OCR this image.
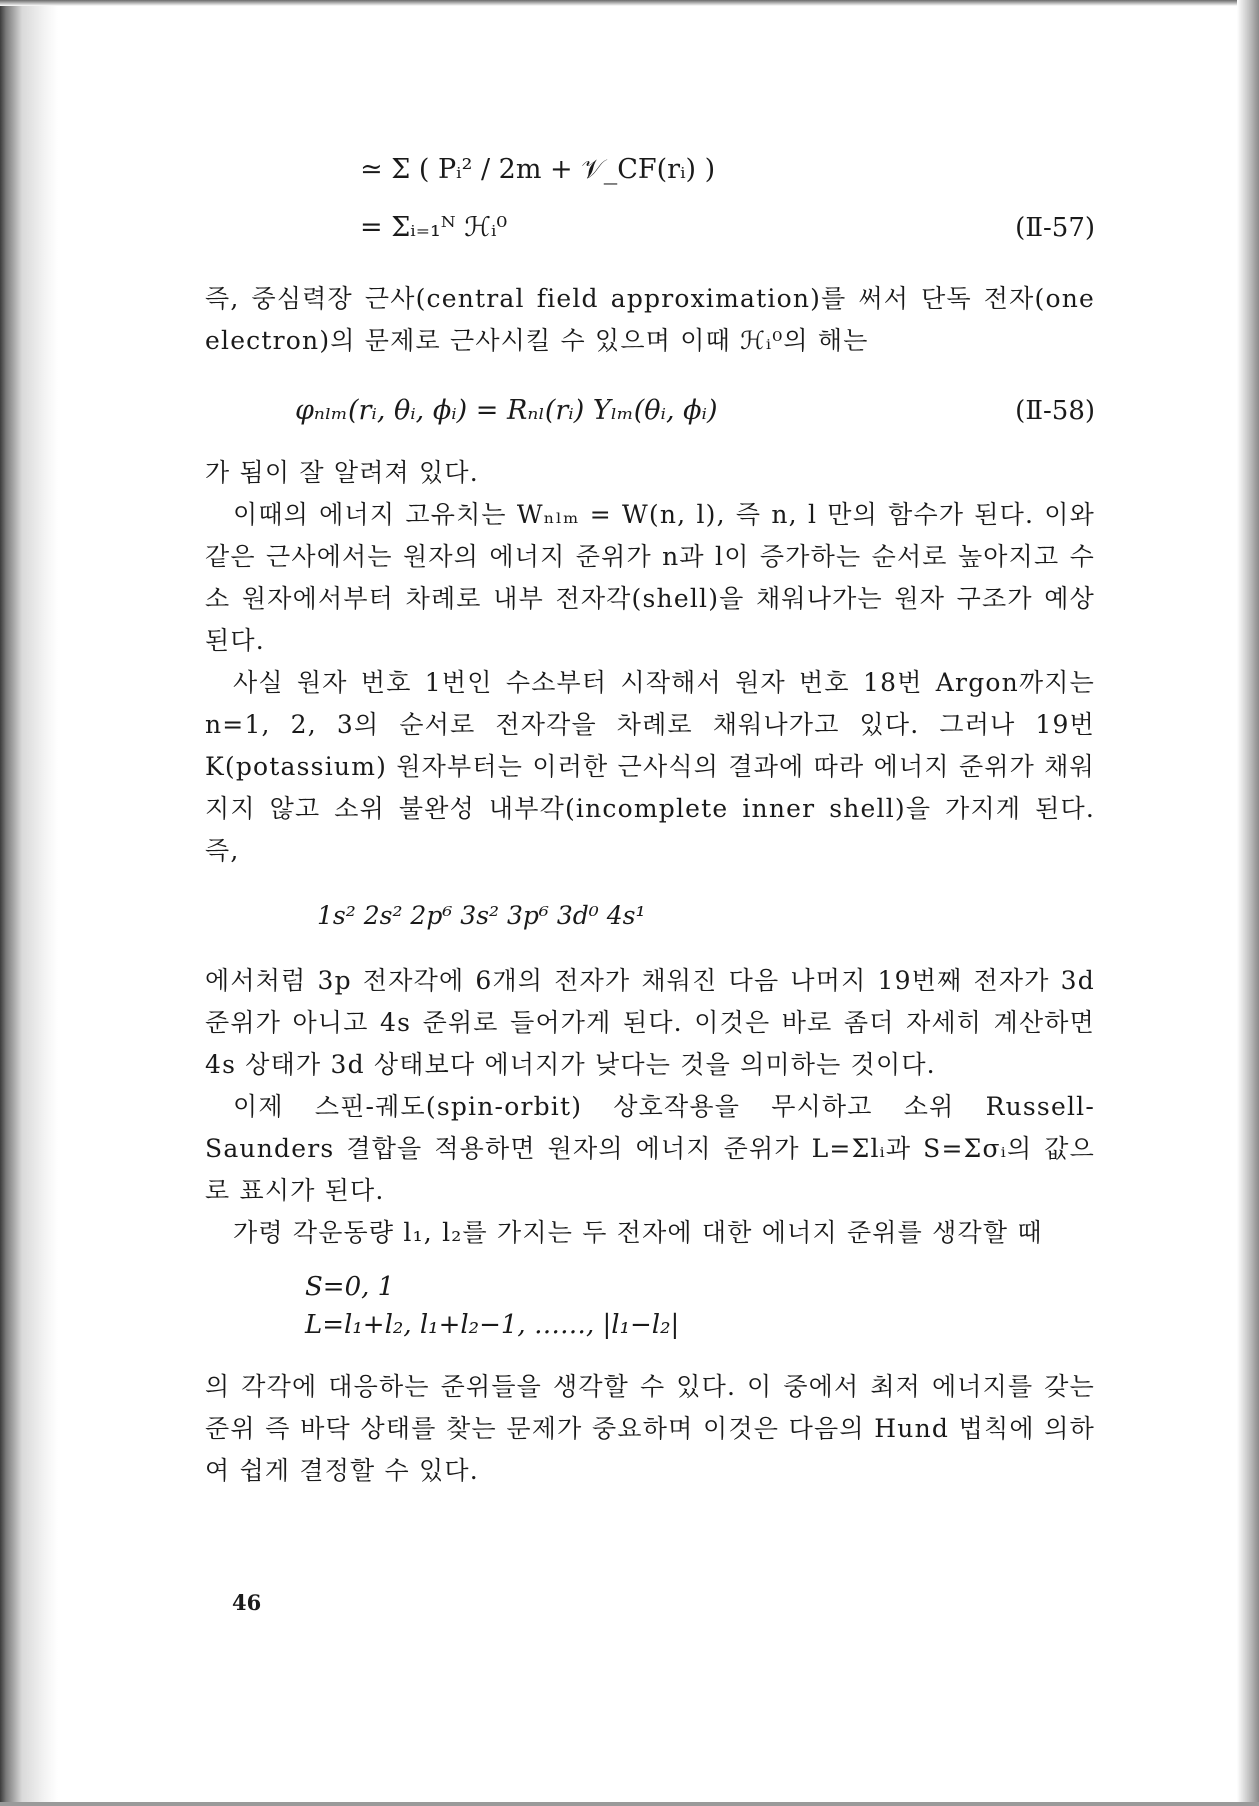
≃ Σ ( Pᵢ² / 2m + 𝒱_CF(rᵢ) )
= Σᵢ₌₁ᴺ ℋᵢ⁰	(Ⅱ-57)

즉, 중심력장 근사(central field approximation)를 써서 단독 전자(one electron)의 문제로 근사시킬 수 있으며 이때 ℋᵢ⁰의 해는

φₙₗₘ(rᵢ, θᵢ, ϕᵢ) = Rₙₗ(rᵢ) Yₗₘ(θᵢ, ϕᵢ)	(Ⅱ-58)

가 됨이 잘 알려져 있다.

이때의 에너지 고유치는 Wₙₗₘ = W(n, l), 즉 n, l 만의 함수가 된다. 이와 같은 근사에서는 원자의 에너지 준위가 n과 l이 증가하는 순서로 높아지고 수소 원자에서부터 차례로 내부 전자각(shell)을 채워나가는 원자 구조가 예상된다.

사실 원자 번호 1번인 수소부터 시작해서 원자 번호 18번 Argon까지는 n=1, 2, 3의 순서로 전자각을 차례로 채워나가고 있다. 그러나 19번 K(potassium) 원자부터는 이러한 근사식의 결과에 따라 에너지 준위가 채워지지 않고 소위 불완성 내부각(incomplete inner shell)을 가지게 된다. 즉,

1s² 2s² 2p⁶ 3s² 3p⁶ 3d⁰ 4s¹

에서처럼 3p 전자각에 6개의 전자가 채워진 다음 나머지 19번째 전자가 3d 준위가 아니고 4s 준위로 들어가게 된다. 이것은 바로 좀더 자세히 계산하면 4s 상태가 3d 상태보다 에너지가 낮다는 것을 의미하는 것이다.

이제 스핀-궤도(spin-orbit) 상호작용을 무시하고 소위 Russell-Saunders 결합을 적용하면 원자의 에너지 준위가 L=Σlᵢ과 S=Σσᵢ의 값으로 표시가 된다.

가령 각운동량 l₁, l₂를 가지는 두 전자에 대한 에너지 준위를 생각할 때

S=0, 1
L=l₁+l₂, l₁+l₂−1, ……, |l₁−l₂|

의 각각에 대응하는 준위들을 생각할 수 있다. 이 중에서 최저 에너지를 갖는 준위 즉 바닥 상태를 찾는 문제가 중요하며 이것은 다음의 Hund 법칙에 의하여 쉽게 결정할 수 있다.

46
